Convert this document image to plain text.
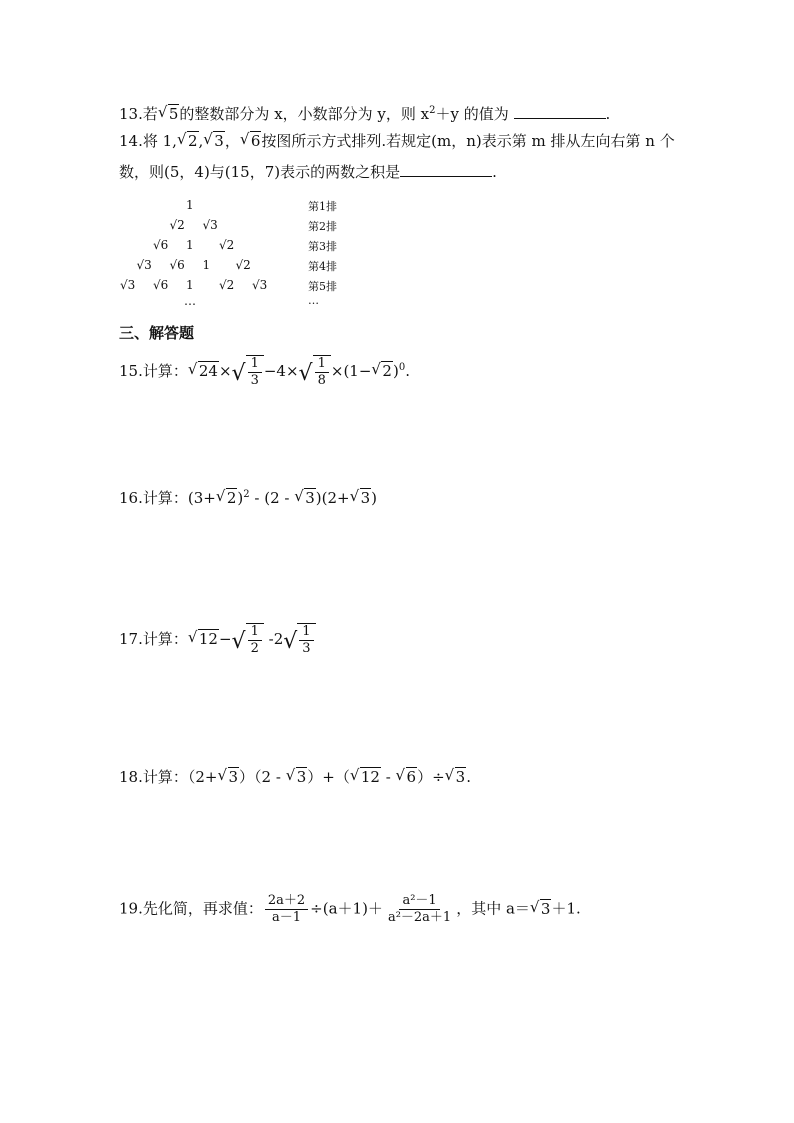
13.若√ 5的整数部分为 x，小数部分为 y，则 $x^2+y$ 的值为	.
14.将 1,√ 2,√ 3，√ 6按图所示方式排列.若规定(m，n)表示第 m 排从左向右第 n 个
数，则(5，4)与(15，7)表示的两数之积是	.
1
√2 √3
√6 1 √2
√3 √6 1 √2
√3 √6 1 √2 √3
…
第1排
第2排
第3排
第4排
第5排
…
三、解答题
15.计算：√ 24× √ $\frac{1}{3} -4\times$ √ $\frac{1}{8} \times(1-√$ 2)$^0$.
16.计算：(3+√ 2)$^2$ - (2 - √ 3)(2+√ 3)
17.计算：√ 12− √ $\frac{1}{2} -2$ √ $\frac{1}{3}$
18.计算：（2+√ 3）（2 - √ 3）+（√ 12 - √ 6）÷√ 3.
19.先化简，再求值： $\frac{2a+2}{a-1} \div(a+1)+ \frac{\text{a²－1}}{\text{a²－2a＋1}}$ ，其中 a＝√ 3＋1.
